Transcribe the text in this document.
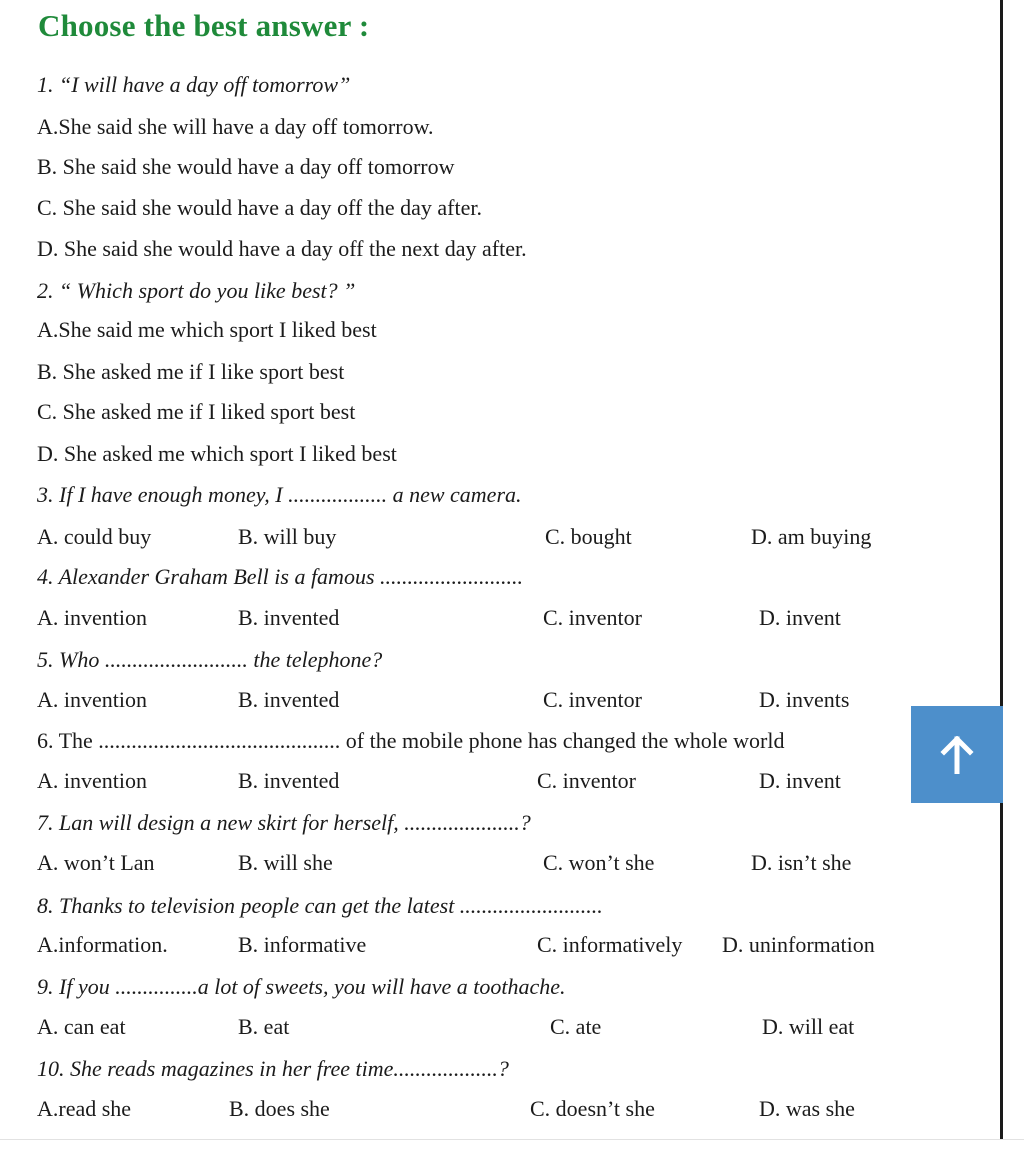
Choose the best answer :
1. “I will have a day off tomorrow”
A.She said she will have a day off tomorrow.
B. She said she would have a day off tomorrow
C. She said she would have a day off the day after.
D. She said she would have a day off the next day after.
2. “ Which sport do you like best? ”
A.She said me which sport I liked best
B. She asked me if I like sport best
C. She asked me if I liked sport best
D. She asked me which sport I liked best
3. If I have enough money, I .................. a new camera.
A. could buy	B. will buy	C. bought	D. am buying
4. Alexander Graham Bell is a famous ..........................
A. invention	B. invented	C. inventor	D. invent
5. Who .......................... the telephone?
A. invention	B. invented	C. inventor	D. invents
6. The ............................................ of the mobile phone has changed the whole world
A. invention	B. invented	C. inventor	D. invent
7. Lan will design a new skirt for herself, .....................?
A. won’t Lan	B. will she	C. won’t she	D. isn’t she
8. Thanks to television people can get the latest ..........................
A.information.	B. informative	C. informatively D. uninformation
9. If you ...............a lot of sweets, you will have a toothache.
A. can eat	B. eat	C. ate	D. will eat
10. She reads magazines in her free time...................?
A.read she	B. does she	C. doesn’t she	D. was she
